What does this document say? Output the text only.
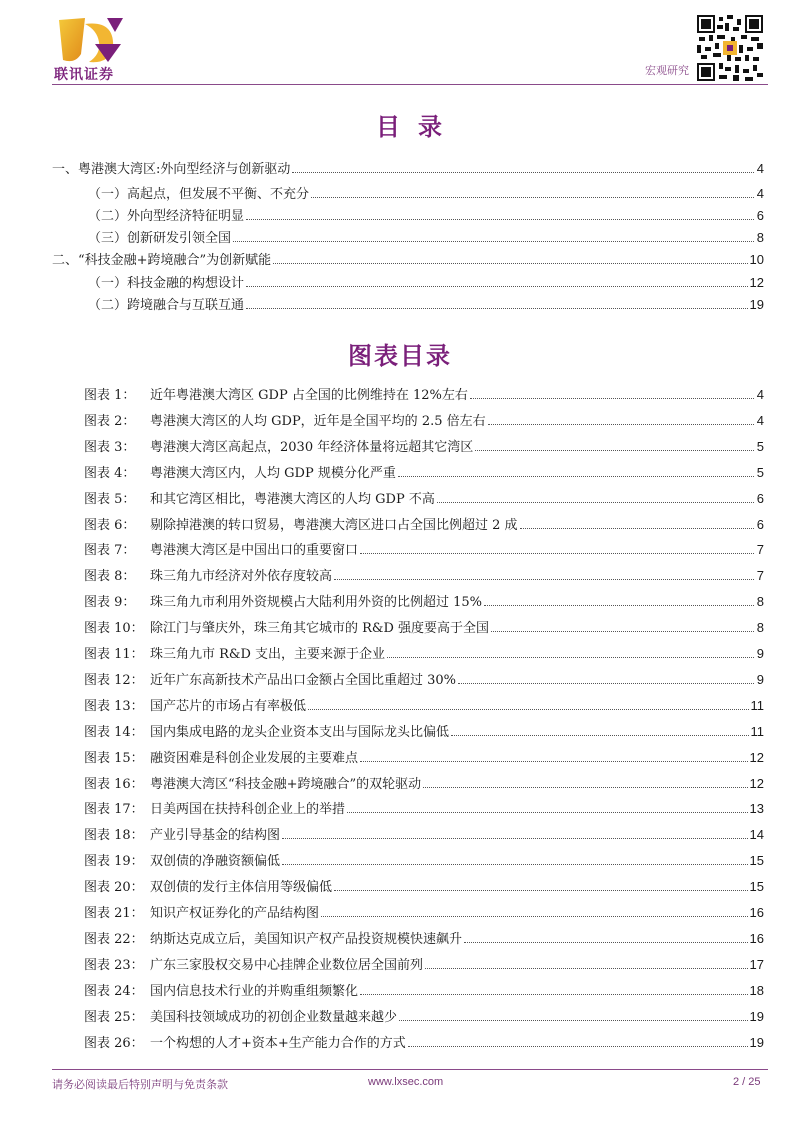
联讯证券	宏观研究
目录
一、粤港澳大湾区:外向型经济与创新驱动	4
（一）高起点，但发展不平衡、不充分	4
（二）外向型经济特征明显	6
（三）创新研发引领全国	8
二、“科技金融+跨境融合”为创新赋能	10
（一）科技金融的构想设计	12
（二）跨境融合与互联互通	19
图表目录
图表 1：	近年粤港澳大湾区 GDP 占全国的比例维持在 12%左右	4
图表 2：	粤港澳大湾区的人均 GDP，近年是全国平均的 2.5 倍左右	4
图表 3：	粤港澳大湾区高起点，2030 年经济体量将远超其它湾区	5
图表 4：	粤港澳大湾区内，人均 GDP 规模分化严重	5
图表 5：	和其它湾区相比，粤港澳大湾区的人均 GDP 不高	6
图表 6：	剔除掉港澳的转口贸易，粤港澳大湾区进口占全国比例超过 2 成	6
图表 7：	粤港澳大湾区是中国出口的重要窗口	7
图表 8：	珠三角九市经济对外依存度较高	7
图表 9：	珠三角九市利用外资规模占大陆利用外资的比例超过 15%	8
图表 10： 除江门与肇庆外，珠三角其它城市的 R&D 强度要高于全国	8
图表 11： 珠三角九市 R&D 支出，主要来源于企业	9
图表 12： 近年广东高新技术产品出口金额占全国比重超过 30%	9
图表 13： 国产芯片的市场占有率极低	11
图表 14： 国内集成电路的龙头企业资本支出与国际龙头比偏低	11
图表 15： 融资困难是科创企业发展的主要难点	12
图表 16： 粤港澳大湾区“科技金融+跨境融合”的双轮驱动	12
图表 17： 日美两国在扶持科创企业上的举措	13
图表 18： 产业引导基金的结构图	14
图表 19： 双创债的净融资额偏低	15
图表 20： 双创债的发行主体信用等级偏低	15
图表 21： 知识产权证券化的产品结构图	16
图表 22： 纳斯达克成立后，美国知识产权产品投资规模快速飙升	16
图表 23： 广东三家股权交易中心挂牌企业数位居全国前列	17
图表 24： 国内信息技术行业的并购重组频繁化	18
图表 25： 美国科技领域成功的初创企业数量越来越少	19
图表 26： 一个构想的人才+资本+生产能力合作的方式	19
请务必阅读最后特别声明与免责条款	www.lxsec.com	2 / 25
